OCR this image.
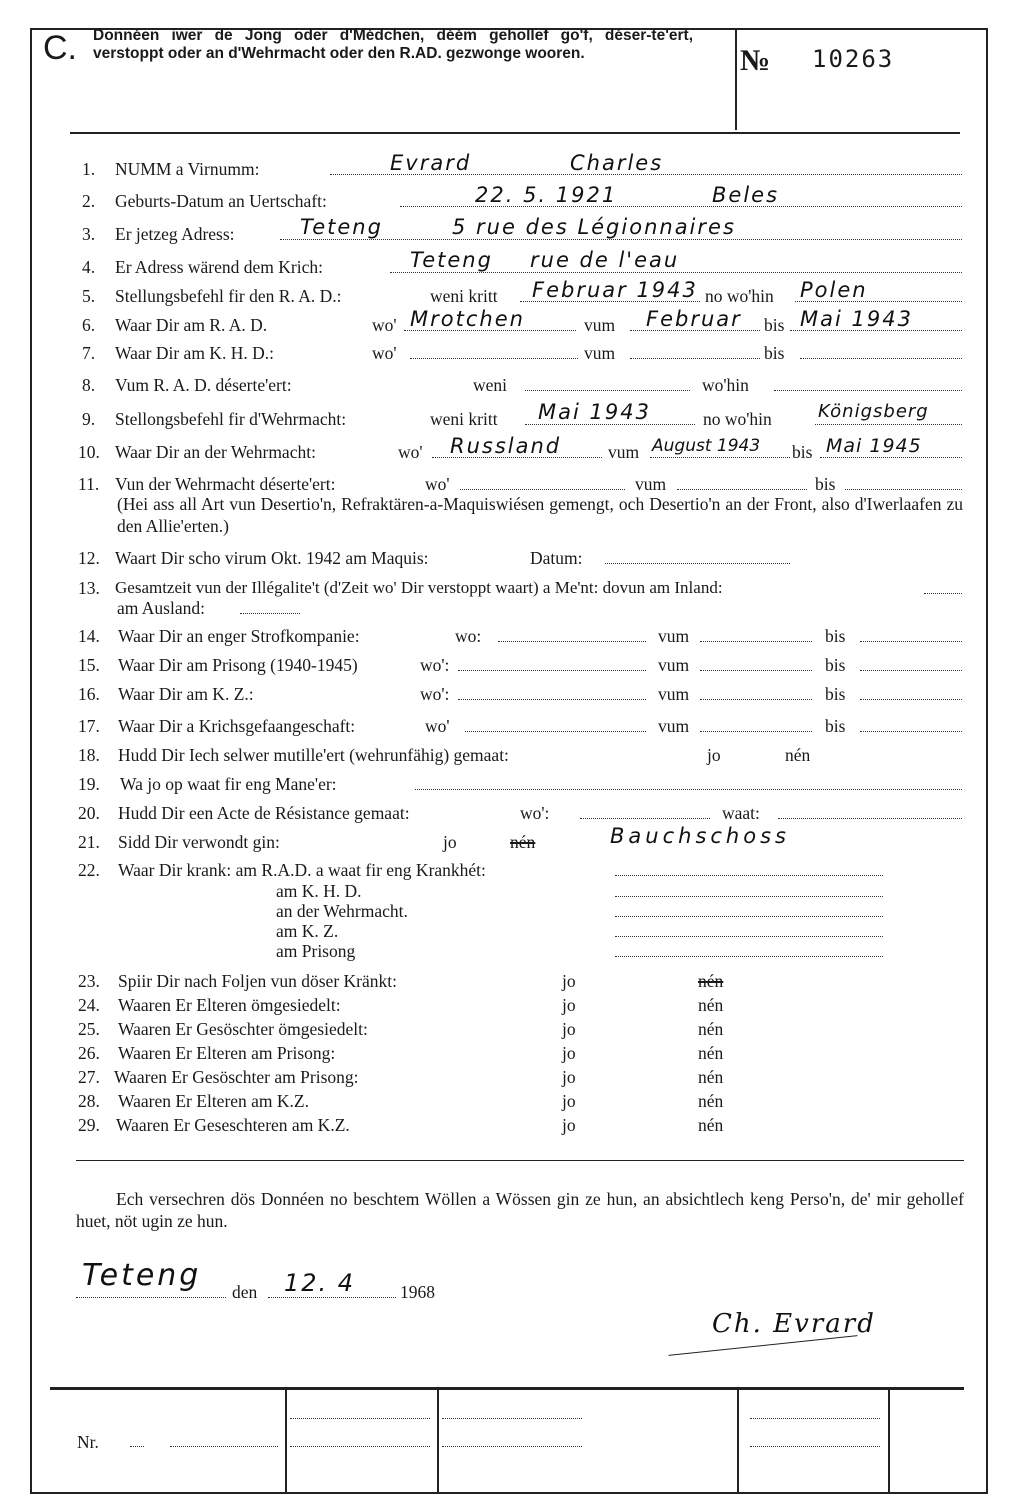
C. Donnéen iwer de Jong oder d'Médchen, déém gehollef go'f, déser-te'ert, verstoppt oder an d'Wehrmacht oder den R.AD. gezwonge wooren.	№ 10263
1. NUMM a Virnumm:	Evrard	Charles
2. Geburts-Datum an Uertschaft:	22. 5. 1921	Beles
3. Er jetzeg Adress:	Teteng	5 rue des Légionnaires
4. Er Adress wärend dem Krich:	Teteng rue de l'eau
5. Stellungsbefehl fir den R. A. D.:	weni kritt Februar 1943 no wo'hin Polen
6. Waar Dir am R. A. D.	wo' Mrotchen	vum Februar bis Mai 1943
7. Waar Dir am K. H. D.:	wo'	vum	bis
8. Vum R. A. D. déserte'ert:	weni	wo'hin
9. Stellongsbefehl fir d'Wehrmacht:	weni kritt Mai 1943	no wo'hin	Königsberg
10. Waar Dir an der Wehrmacht:	wo' Russland	vum August 1943 bis Mai 1945
11. Vun der Wehrmacht déserte'ert:	wo'	vum	bis
(Hei ass all Art vun Desertio'n, Refraktären-a-Maquiswiésen gemengt, och Desertio'n an der Front, also d'Iwerlaafen zu den Allie'erten.)
12. Waart Dir scho virum Okt. 1942 am Maquis:	Datum:
13. Gesamtzeit vun der Illégalite't (d'Zeit wo' Dir verstoppt waart) a Me'nt: dovun am Inland:
am Ausland:
14. Waar Dir an enger Strofkompanie:	wo:	vum	bis
15. Waar Dir am Prisong (1940-1945)	wo':	vum	bis
16. Waar Dir am K. Z.:	wo':	vum	bis
17. Waar Dir a Krichsgefaangeschaft:	wo'	vum	bis
18. Hudd Dir Iech selwer mutille'ert (wehrunfähig) gemaat:	jo	nén
19. Wa jo op waat fir eng Mane'er:
20. Hudd Dir een Acte de Résistance gemaat:	wo':	waat:
21. Sidd Dir verwondt gin:	jo	nén	Bauchschoss
22. Waar Dir krank: am R.A.D. a waat fir eng Krankhét:
am K. H. D.
an der Wehrmacht.
am K. Z.
am Prisong
23. Spiir Dir nach Foljen vun döser Kränkt:	jo	nén
24. Waaren Er Elteren ömgesiedelt:	jo	nén
25. Waaren Er Gesöschter ömgesiedelt:	jo	nén
26. Waaren Er Elteren am Prisong:	jo	nén
27. Waaren Er Gesöschter am Prisong:	jo	nén
28. Waaren Er Elteren am K.Z.	jo	nén
29. Waaren Er Geseschteren am K.Z.	jo	nén
Ech versechren dös Donnéen no beschtem Wöllen a Wössen gin ze hun, an absichtlech keng Perso'n, de' mir gehollef huet, nöt ugin ze hun.
Teteng den 12. 4	1968
Ch. Evrard
Nr.
